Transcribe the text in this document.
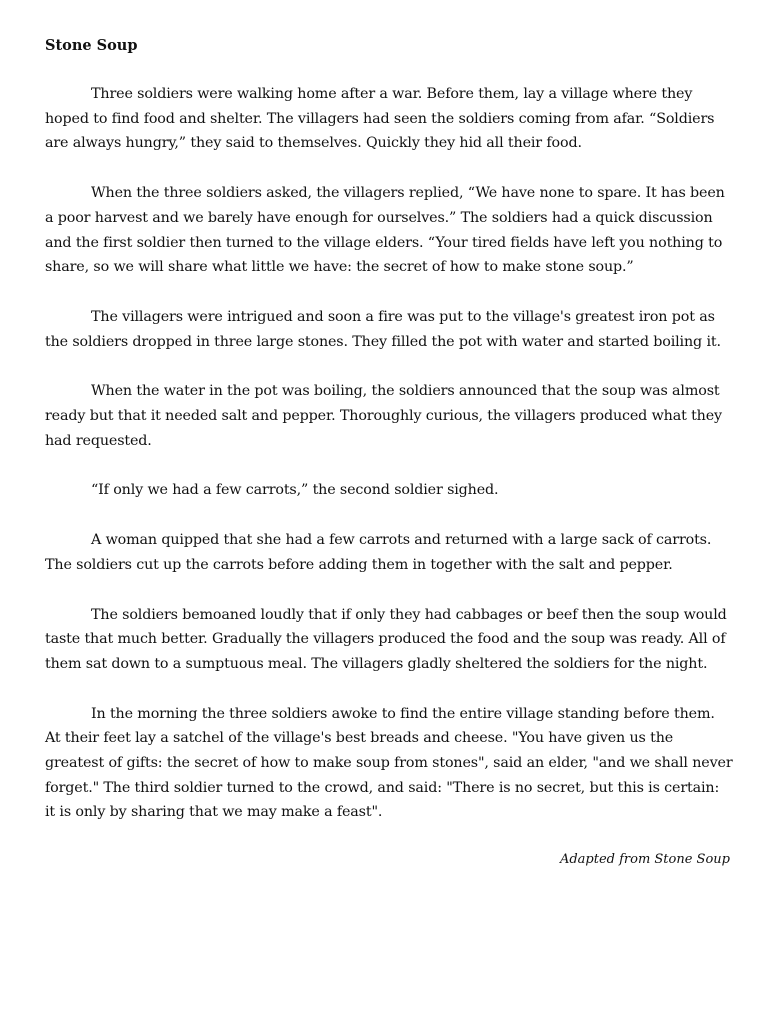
Stone Soup

Three soldiers were walking home after a war. Before them, lay a village where they hoped to find food and shelter. The villagers had seen the soldiers coming from afar. “Soldiers are always hungry,” they said to themselves. Quickly they hid all their food.

When the three soldiers asked, the villagers replied, “We have none to spare. It has been a poor harvest and we barely have enough for ourselves.” The soldiers had a quick discussion and the first soldier then turned to the village elders. “Your tired fields have left you nothing to share, so we will share what little we have: the secret of how to make stone soup.”

The villagers were intrigued and soon a fire was put to the village's greatest iron pot as the soldiers dropped in three large stones. They filled the pot with water and started boiling it.

When the water in the pot was boiling, the soldiers announced that the soup was almost ready but that it needed salt and pepper. Thoroughly curious, the villagers produced what they had requested.

“If only we had a few carrots,” the second soldier sighed.

A woman quipped that she had a few carrots and returned with a large sack of carrots. The soldiers cut up the carrots before adding them in together with the salt and pepper.

The soldiers bemoaned loudly that if only they had cabbages or beef then the soup would taste that much better. Gradually the villagers produced the food and the soup was ready. All of them sat down to a sumptuous meal. The villagers gladly sheltered the soldiers for the night.

In the morning the three soldiers awoke to find the entire village standing before them. At their feet lay a satchel of the village's best breads and cheese. "You have given us the greatest of gifts: the secret of how to make soup from stones", said an elder, "and we shall never forget." The third soldier turned to the crowd, and said: "There is no secret, but this is certain: it is only by sharing that we may make a feast".

Adapted from Stone Soup
